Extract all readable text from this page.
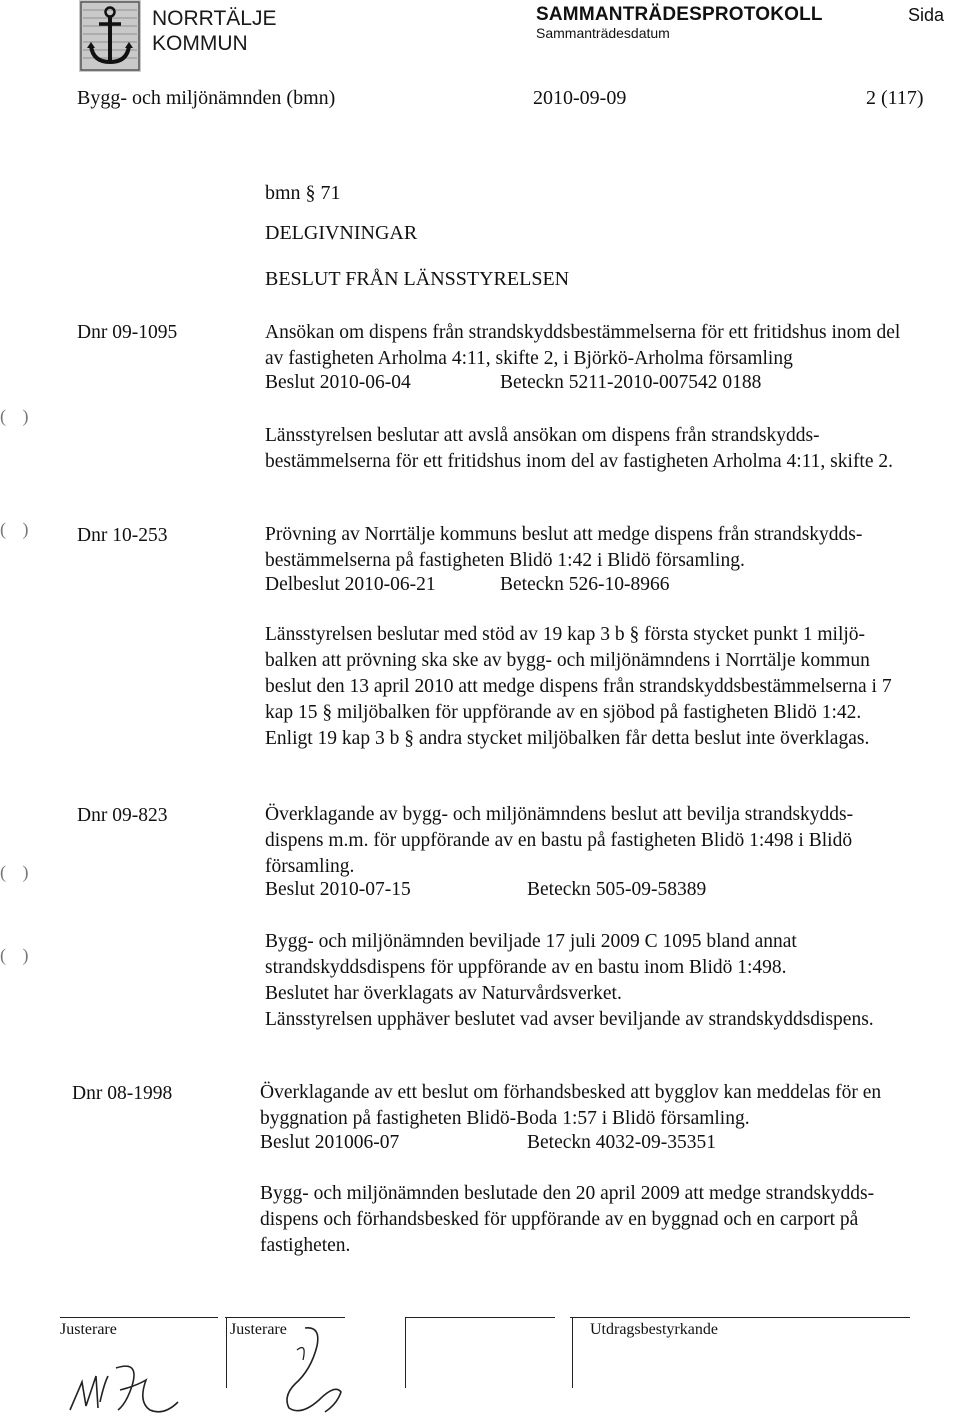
NORRTÄLJE
KOMMUN
SAMMANTRÄDESPROTOKOLL
Sammanträdesdatum
Sida
Bygg- och miljönämnden (bmn)	2010-09-09	2 (117)
bmn § 71
DELGIVNINGAR
BESLUT FRÅN LÄNSSTYRELSEN
Dnr 09-1095	Ansökan om dispens från strandskyddsbestämmelserna för ett fritidshus inom del
av fastigheten Arholma 4:11, skifte 2, i Björkö-Arholma församling
Beslut 2010-06-04	Beteckn 5211-2010-007542 0188
( )
Länsstyrelsen beslutar att avslå ansökan om dispens från strandskydds-
bestämmelserna för ett fritidshus inom del av fastigheten Arholma 4:11, skifte 2.
( ) Dnr 10-253	Prövning av Norrtälje kommuns beslut att medge dispens från strandskydds-
bestämmelserna på fastigheten Blidö 1:42 i Blidö församling.
Delbeslut 2010-06-21	Beteckn 526-10-8966
Länsstyrelsen beslutar med stöd av 19 kap 3 b § första stycket punkt 1 miljö-
balken att prövning ska ske av bygg- och miljönämndens i Norrtälje kommun
beslut den 13 april 2010 att medge dispens från strandskyddsbestämmelserna i 7
kap 15 § miljöbalken för uppförande av en sjöbod på fastigheten Blidö 1:42.
Enligt 19 kap 3 b § andra stycket miljöbalken får detta beslut inte överklagas.
Dnr 09-823	Överklagande av bygg- och miljönämndens beslut att bevilja strandskydds-
dispens m.m. för uppförande av en bastu på fastigheten Blidö 1:498 i Blidö
församling.
( )
Beslut 2010-07-15	Beteckn 505-09-58389
Bygg- och miljönämnden beviljade 17 juli 2009 C 1095 bland annat
strandskyddsdispens för uppförande av en bastu inom Blidö 1:498.
Beslutet har överklagats av Naturvårdsverket.
Länsstyrelsen upphäver beslutet vad avser beviljande av strandskyddsdispens.
( )
Dnr 08-1998	Överklagande av ett beslut om förhandsbesked att bygglov kan meddelas för en
byggnation på fastigheten Blidö-Boda 1:57 i Blidö församling.
Beslut 201006-07	Beteckn 4032-09-35351
Bygg- och miljönämnden beslutade den 20 april 2009 att medge strandskydds-
dispens och förhandsbesked för uppförande av en byggnad och en carport på
fastigheten.
Justerare	Justerare	Utdragsbestyrkande
